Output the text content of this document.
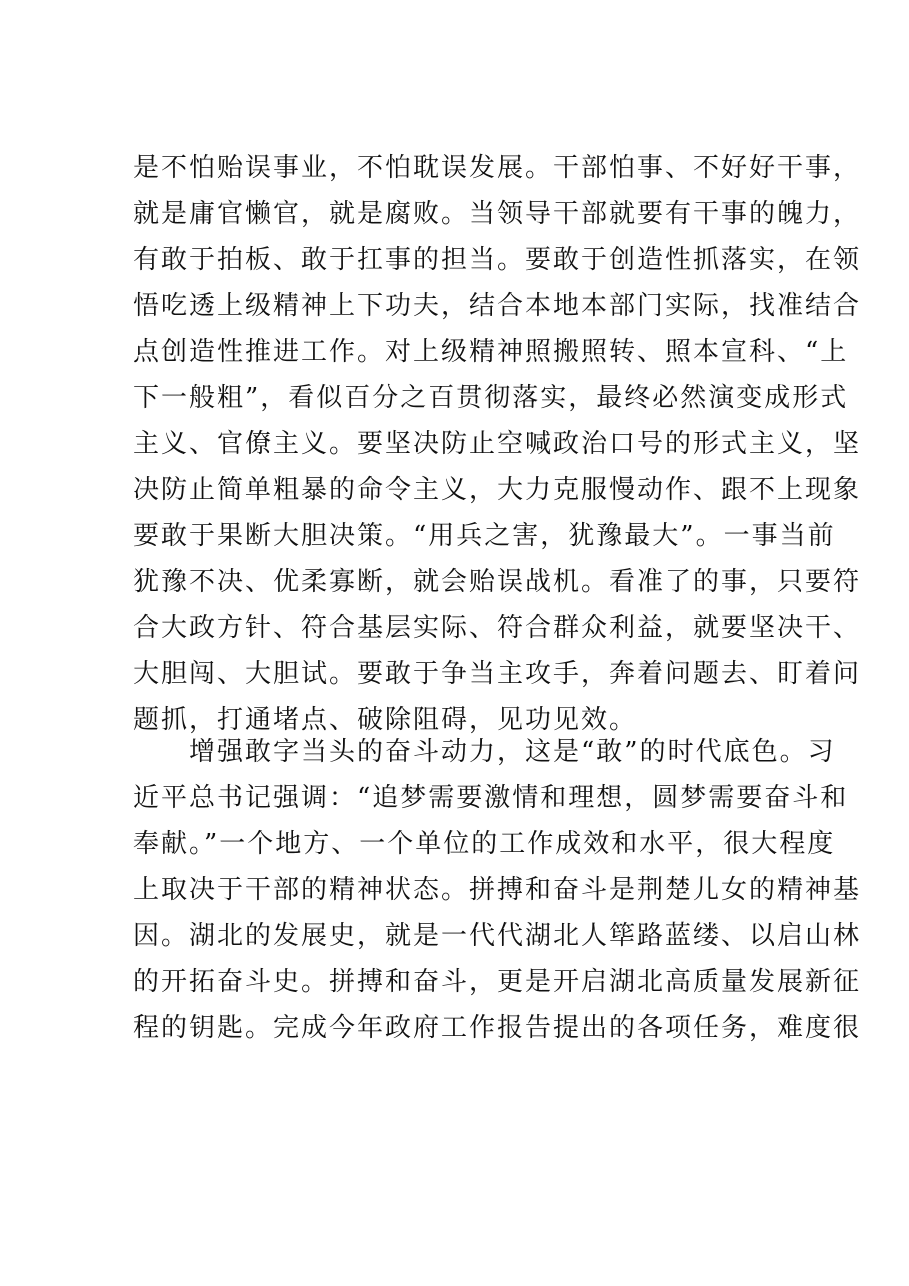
是不怕贻误事业，不怕耽误发展。干部怕事、不好好干事，
就是庸官懒官，就是腐败。当领导干部就要有干事的魄力，
有敢于拍板、敢于扛事的担当。要敢于创造性抓落实，在领
悟吃透上级精神上下功夫，结合本地本部门实际，找准结合
点创造性推进工作。对上级精神照搬照转、照本宣科、“上
下一般粗”，看似百分之百贯彻落实，最终必然演变成形式
主义、官僚主义。要坚决防止空喊政治口号的形式主义，坚
决防止简单粗暴的命令主义，大力克服慢动作、跟不上现象
要敢于果断大胆决策。“用兵之害，犹豫最大”。一事当前
犹豫不决、优柔寡断，就会贻误战机。看准了的事，只要符
合大政方针、符合基层实际、符合群众利益，就要坚决干、
大胆闯、大胆试。要敢于争当主攻手，奔着问题去、盯着问
题抓，打通堵点、破除阻碍，见功见效。
　　增强敢字当头的奋斗动力，这是“敢”的时代底色。习
近平总书记强调：“追梦需要激情和理想，圆梦需要奋斗和
奉献。”一个地方、一个单位的工作成效和水平，很大程度
上取决于干部的精神状态。拼搏和奋斗是荆楚儿女的精神基
因。湖北的发展史，就是一代代湖北人筚路蓝缕、以启山林
的开拓奋斗史。拼搏和奋斗，更是开启湖北高质量发展新征
程的钥匙。完成今年政府工作报告提出的各项任务，难度很
